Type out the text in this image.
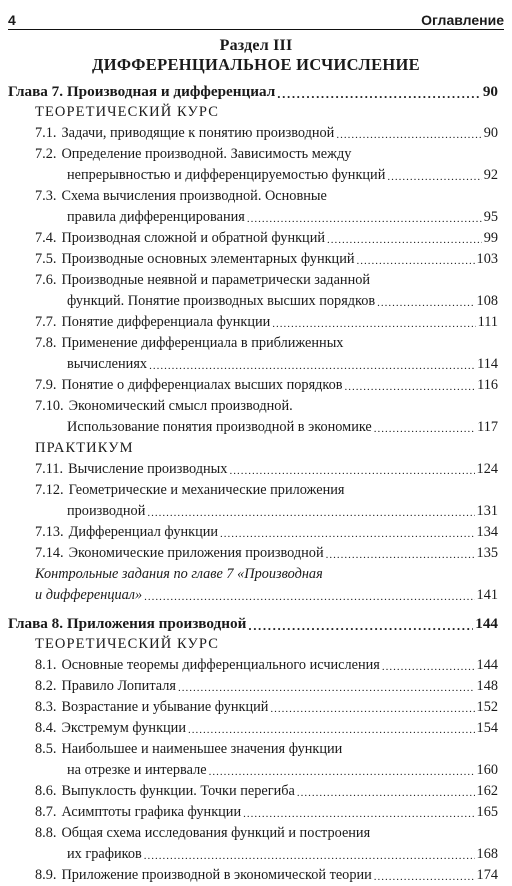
4	Оглавление
Раздел III
ДИФФЕРЕНЦИАЛЬНОЕ ИСЧИСЛЕНИЕ
Глава 7. Производная и дифференциал .....	90
ТЕОРЕТИЧЕСКИЙ КУРС
7.1. Задачи, приводящие к понятию производной .....	90
7.2. Определение производной. Зависимость между
непрерывностью и дифференцируемостью функций .....	92
7.3. Схема вычисления производной. Основные
правила дифференцирования .....	95
7.4. Производная сложной и обратной функций .....	99
7.5. Производные основных элементарных функций .....	103
7.6. Производные неявной и параметрически заданной
функций. Понятие производных высших порядков .....	108
7.7. Понятие дифференциала функции .....	111
7.8. Применение дифференциала в приближенных
вычислениях .....	114
7.9. Понятие о дифференциалах высших порядков .....	116
7.10. Экономический смысл производной.
Использование понятия производной в экономике .....	117
ПРАКТИКУМ
7.11. Вычисление производных .....	124
7.12. Геометрические и механические приложения
производной .....	131
7.13. Дифференциал функции .....	134
7.14. Экономические приложения производной .....	135
Контрольные задания по главе 7 «Производная
и дифференциал» .....	141
Глава 8. Приложения производной .....	144
ТЕОРЕТИЧЕСКИЙ КУРС
8.1. Основные теоремы дифференциального исчисления .....	144
8.2. Правило Лопиталя .....	148
8.3. Возрастание и убывание функций .....	152
8.4. Экстремум функции .....	154
8.5. Наибольшее и наименьшее значения функции
на отрезке и интервале .....	160
8.6. Выпуклость функции. Точки перегиба .....	162
8.7. Асимптоты графика функции .....	165
8.8. Общая схема исследования функций и построения
их графиков .....	168
8.9. Приложение производной в экономической теории .....	174
